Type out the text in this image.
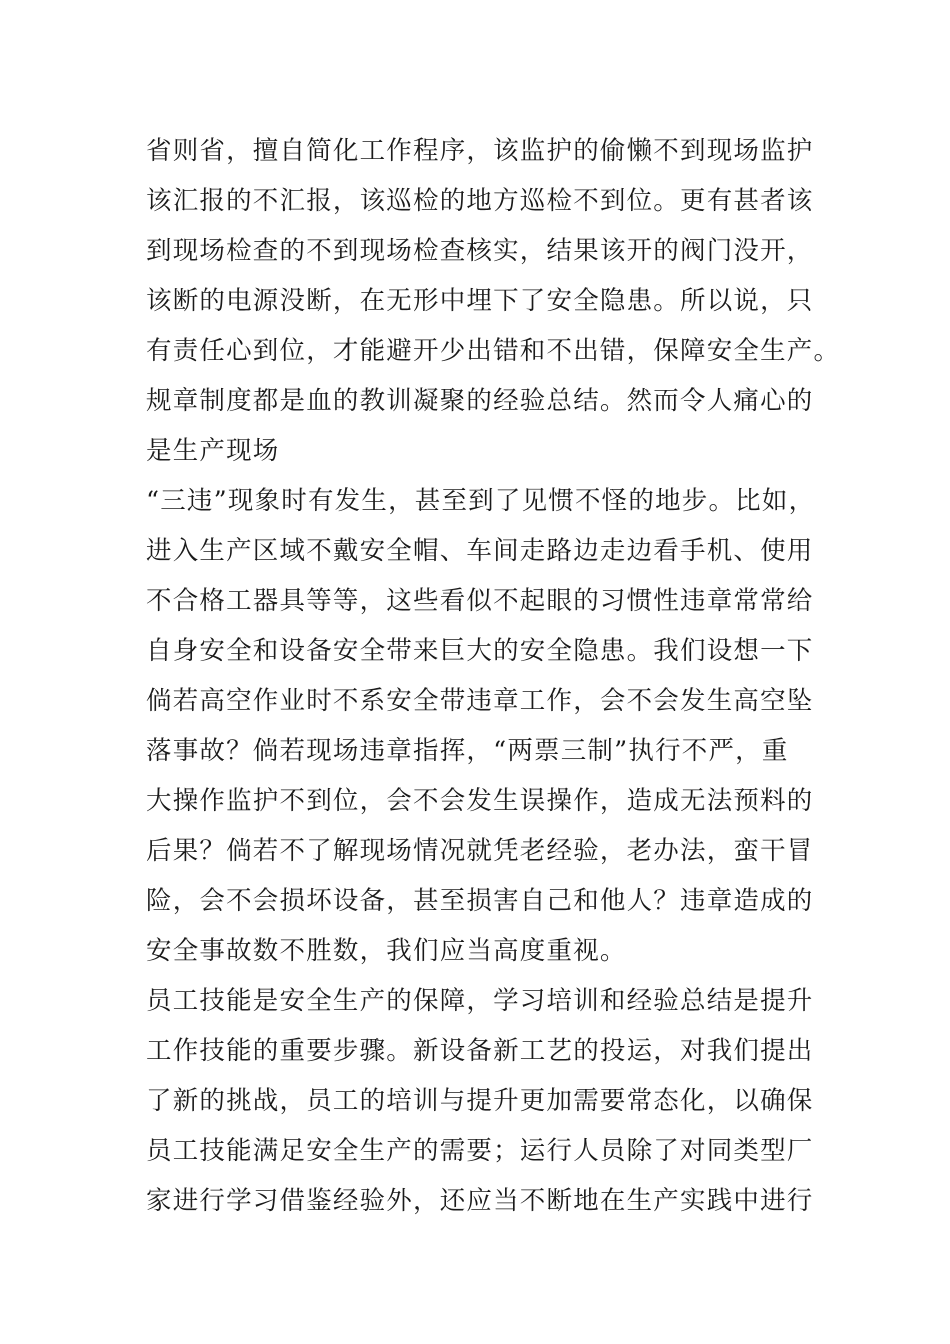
省则省，擅自简化工作程序，该监护的偷懒不到现场监护
该汇报的不汇报，该巡检的地方巡检不到位。更有甚者该
到现场检查的不到现场检查核实，结果该开的阀门没开，
该断的电源没断，在无形中埋下了安全隐患。所以说，只
有责任心到位，才能避开少出错和不出错，保障安全生产。
规章制度都是血的教训凝聚的经验总结。然而令人痛心的
是生产现场
“三违”现象时有发生，甚至到了见惯不怪的地步。比如，
进入生产区域不戴安全帽、车间走路边走边看手机、使用
不合格工器具等等，这些看似不起眼的习惯性违章常常给
自身安全和设备安全带来巨大的安全隐患。我们设想一下
倘若高空作业时不系安全带违章工作，会不会发生高空坠
落事故？倘若现场违章指挥，“两票三制”执行不严，重
大操作监护不到位，会不会发生误操作，造成无法预料的
后果？倘若不了解现场情况就凭老经验，老办法，蛮干冒
险，会不会损坏设备，甚至损害自己和他人？违章造成的
安全事故数不胜数，我们应当高度重视。
员工技能是安全生产的保障，学习培训和经验总结是提升
工作技能的重要步骤。新设备新工艺的投运，对我们提出
了新的挑战，员工的培训与提升更加需要常态化，以确保
员工技能满足安全生产的需要；运行人员除了对同类型厂
家进行学习借鉴经验外，还应当不断地在生产实践中进行
